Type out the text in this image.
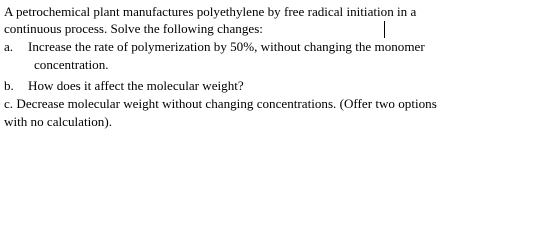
A petrochemical plant manufactures polyethylene by free radical initiation in a
continuous process. Solve the following changes:
a. Increase the rate of polymerization by 50%, without changing the monomer
concentration.
b. How does it affect the molecular weight?
c. Decrease molecular weight without changing concentrations. (Offer two options
with no calculation).
